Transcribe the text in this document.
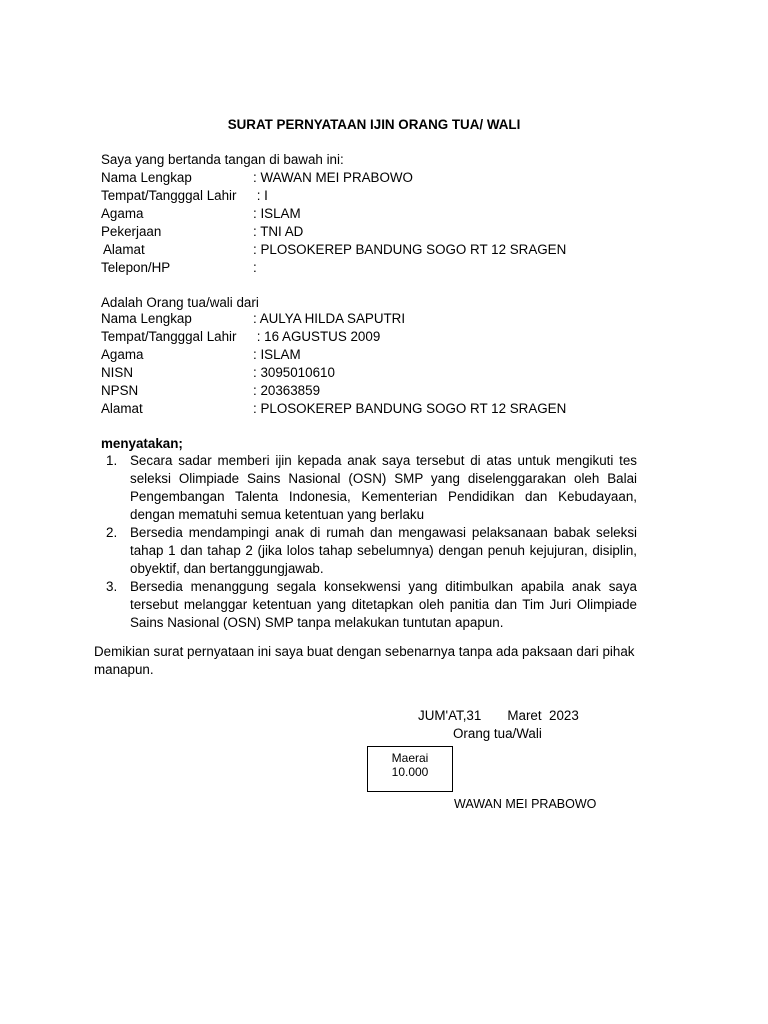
SURAT PERNYATAAN IJIN ORANG TUA/ WALI
Saya yang bertanda tangan di bawah ini:
Nama Lengkap	: WAWAN MEI PRABOWO
Tempat/Tangggal Lahir : I
Agama	: ISLAM
Pekerjaan	: TNI AD
Alamat	: PLOSOKEREP BANDUNG SOGO RT 12 SRAGEN
Telepon/HP	:
Adalah Orang tua/wali dari
Nama Lengkap	: AULYA HILDA SAPUTRI
Tempat/Tangggal Lahir : 16 AGUSTUS 2009
Agama	: ISLAM
NISN	: 3095010610
NPSN	: 20363859
Alamat	: PLOSOKEREP BANDUNG SOGO RT 12 SRAGEN
menyatakan;
1. Secara sadar memberi ijin kepada anak saya tersebut di atas untuk mengikuti tes seleksi Olimpiade Sains Nasional (OSN) SMP yang diselenggarakan oleh Balai Pengembangan Talenta Indonesia, Kementerian Pendidikan dan Kebudayaan, dengan mematuhi semua ketentuan yang berlaku
2. Bersedia mendampingi anak di rumah dan mengawasi pelaksanaan babak seleksi tahap 1 dan tahap 2 (jika lolos tahap sebelumnya) dengan penuh kejujuran, disiplin, obyektif, dan bertanggungjawab.
3. Bersedia menanggung segala konsekwensi yang ditimbulkan apabila anak saya tersebut melanggar ketentuan yang ditetapkan oleh panitia dan Tim Juri Olimpiade Sains Nasional (OSN) SMP tanpa melakukan tuntutan apapun.
Demikian surat pernyataan ini saya buat dengan sebenarnya tanpa ada paksaan dari pihak manapun.
JUM'AT,31       Maret  2023
Orang tua/Wali
Maerai
10.000
WAWAN MEI PRABOWO
